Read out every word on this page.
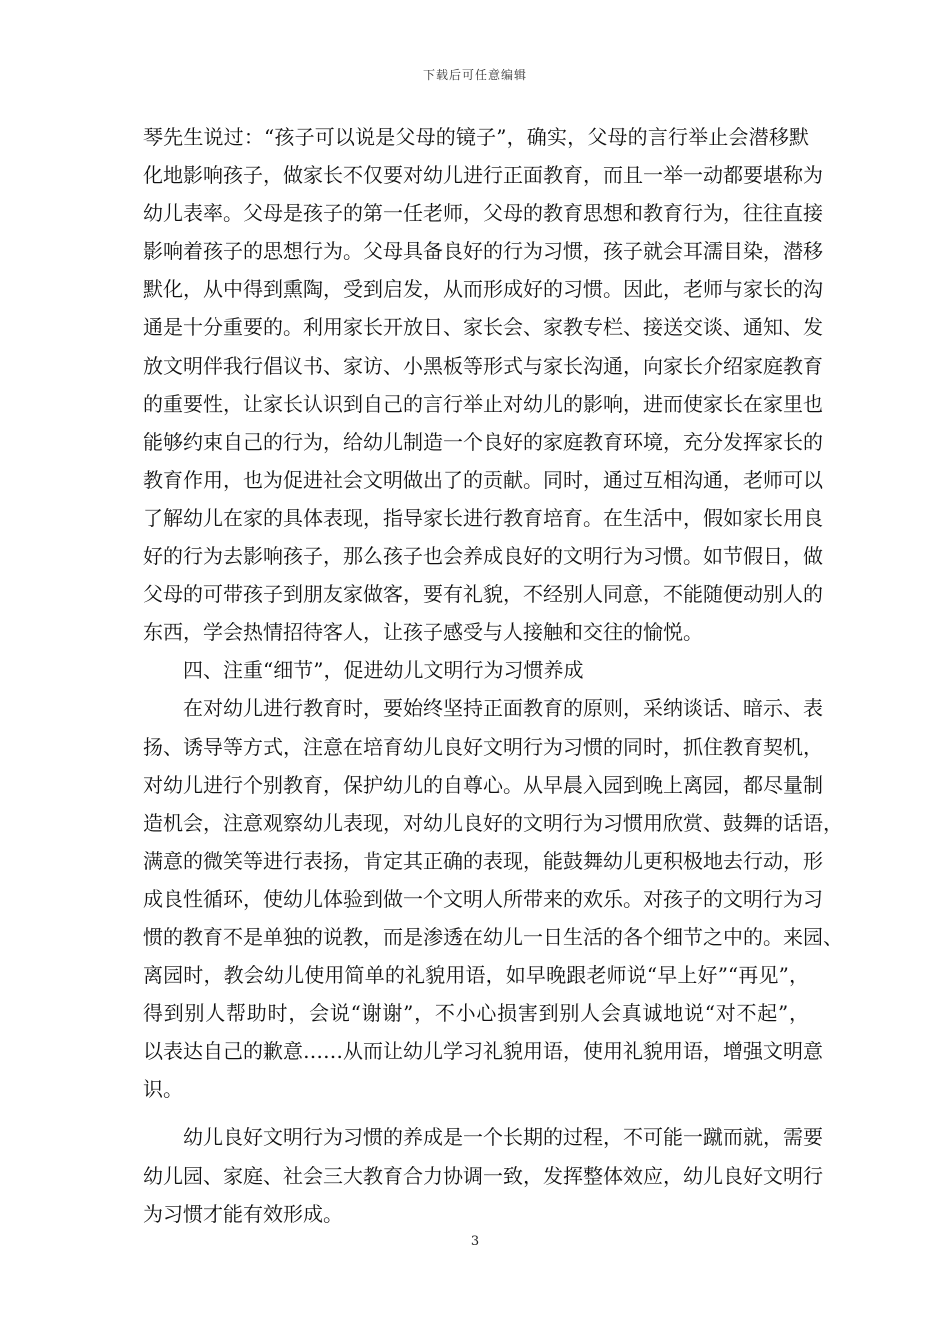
下载后可任意编辑
琴先生说过：“孩子可以说是父母的镜子”，确实，父母的言行举止会潜移默
化地影响孩子，做家长不仅要对幼儿进行正面教育，而且一举一动都要堪称为
幼儿表率。父母是孩子的第一任老师，父母的教育思想和教育行为，往往直接
影响着孩子的思想行为。父母具备良好的行为习惯，孩子就会耳濡目染，潜移
默化，从中得到熏陶，受到启发，从而形成好的习惯。因此，老师与家长的沟
通是十分重要的。利用家长开放日、家长会、家教专栏、接送交谈、通知、发
放文明伴我行倡议书、家访、小黑板等形式与家长沟通，向家长介绍家庭教育
的重要性，让家长认识到自己的言行举止对幼儿的影响，进而使家长在家里也
能够约束自己的行为，给幼儿制造一个良好的家庭教育环境，充分发挥家长的
教育作用，也为促进社会文明做出了的贡献。同时，通过互相沟通，老师可以
了解幼儿在家的具体表现，指导家长进行教育培育。在生活中，假如家长用良
好的行为去影响孩子，那么孩子也会养成良好的文明行为习惯。如节假日，做
父母的可带孩子到朋友家做客，要有礼貌，不经别人同意，不能随便动别人的
东西，学会热情招待客人，让孩子感受与人接触和交往的愉悦。
　　四、注重“细节”，促进幼儿文明行为习惯养成
　　在对幼儿进行教育时，要始终坚持正面教育的原则，采纳谈话、暗示、表
扬、诱导等方式，注意在培育幼儿良好文明行为习惯的同时，抓住教育契机，
对幼儿进行个别教育，保护幼儿的自尊心。从早晨入园到晚上离园，都尽量制
造机会，注意观察幼儿表现，对幼儿良好的文明行为习惯用欣赏、鼓舞的话语，
满意的微笑等进行表扬，肯定其正确的表现，能鼓舞幼儿更积极地去行动，形
成良性循环，使幼儿体验到做一个文明人所带来的欢乐。对孩子的文明行为习
惯的教育不是单独的说教，而是渗透在幼儿一日生活的各个细节之中的。来园、
离园时，教会幼儿使用简单的礼貌用语，如早晚跟老师说“早上好”“再见”，
得到别人帮助时，会说“谢谢”，不小心损害到别人会真诚地说“对不起”，
以表达自己的歉意……从而让幼儿学习礼貌用语，使用礼貌用语，增强文明意
识。
　　幼儿良好文明行为习惯的养成是一个长期的过程，不可能一蹴而就，需要
幼儿园、家庭、社会三大教育合力协调一致，发挥整体效应，幼儿良好文明行
为习惯才能有效形成。
3
